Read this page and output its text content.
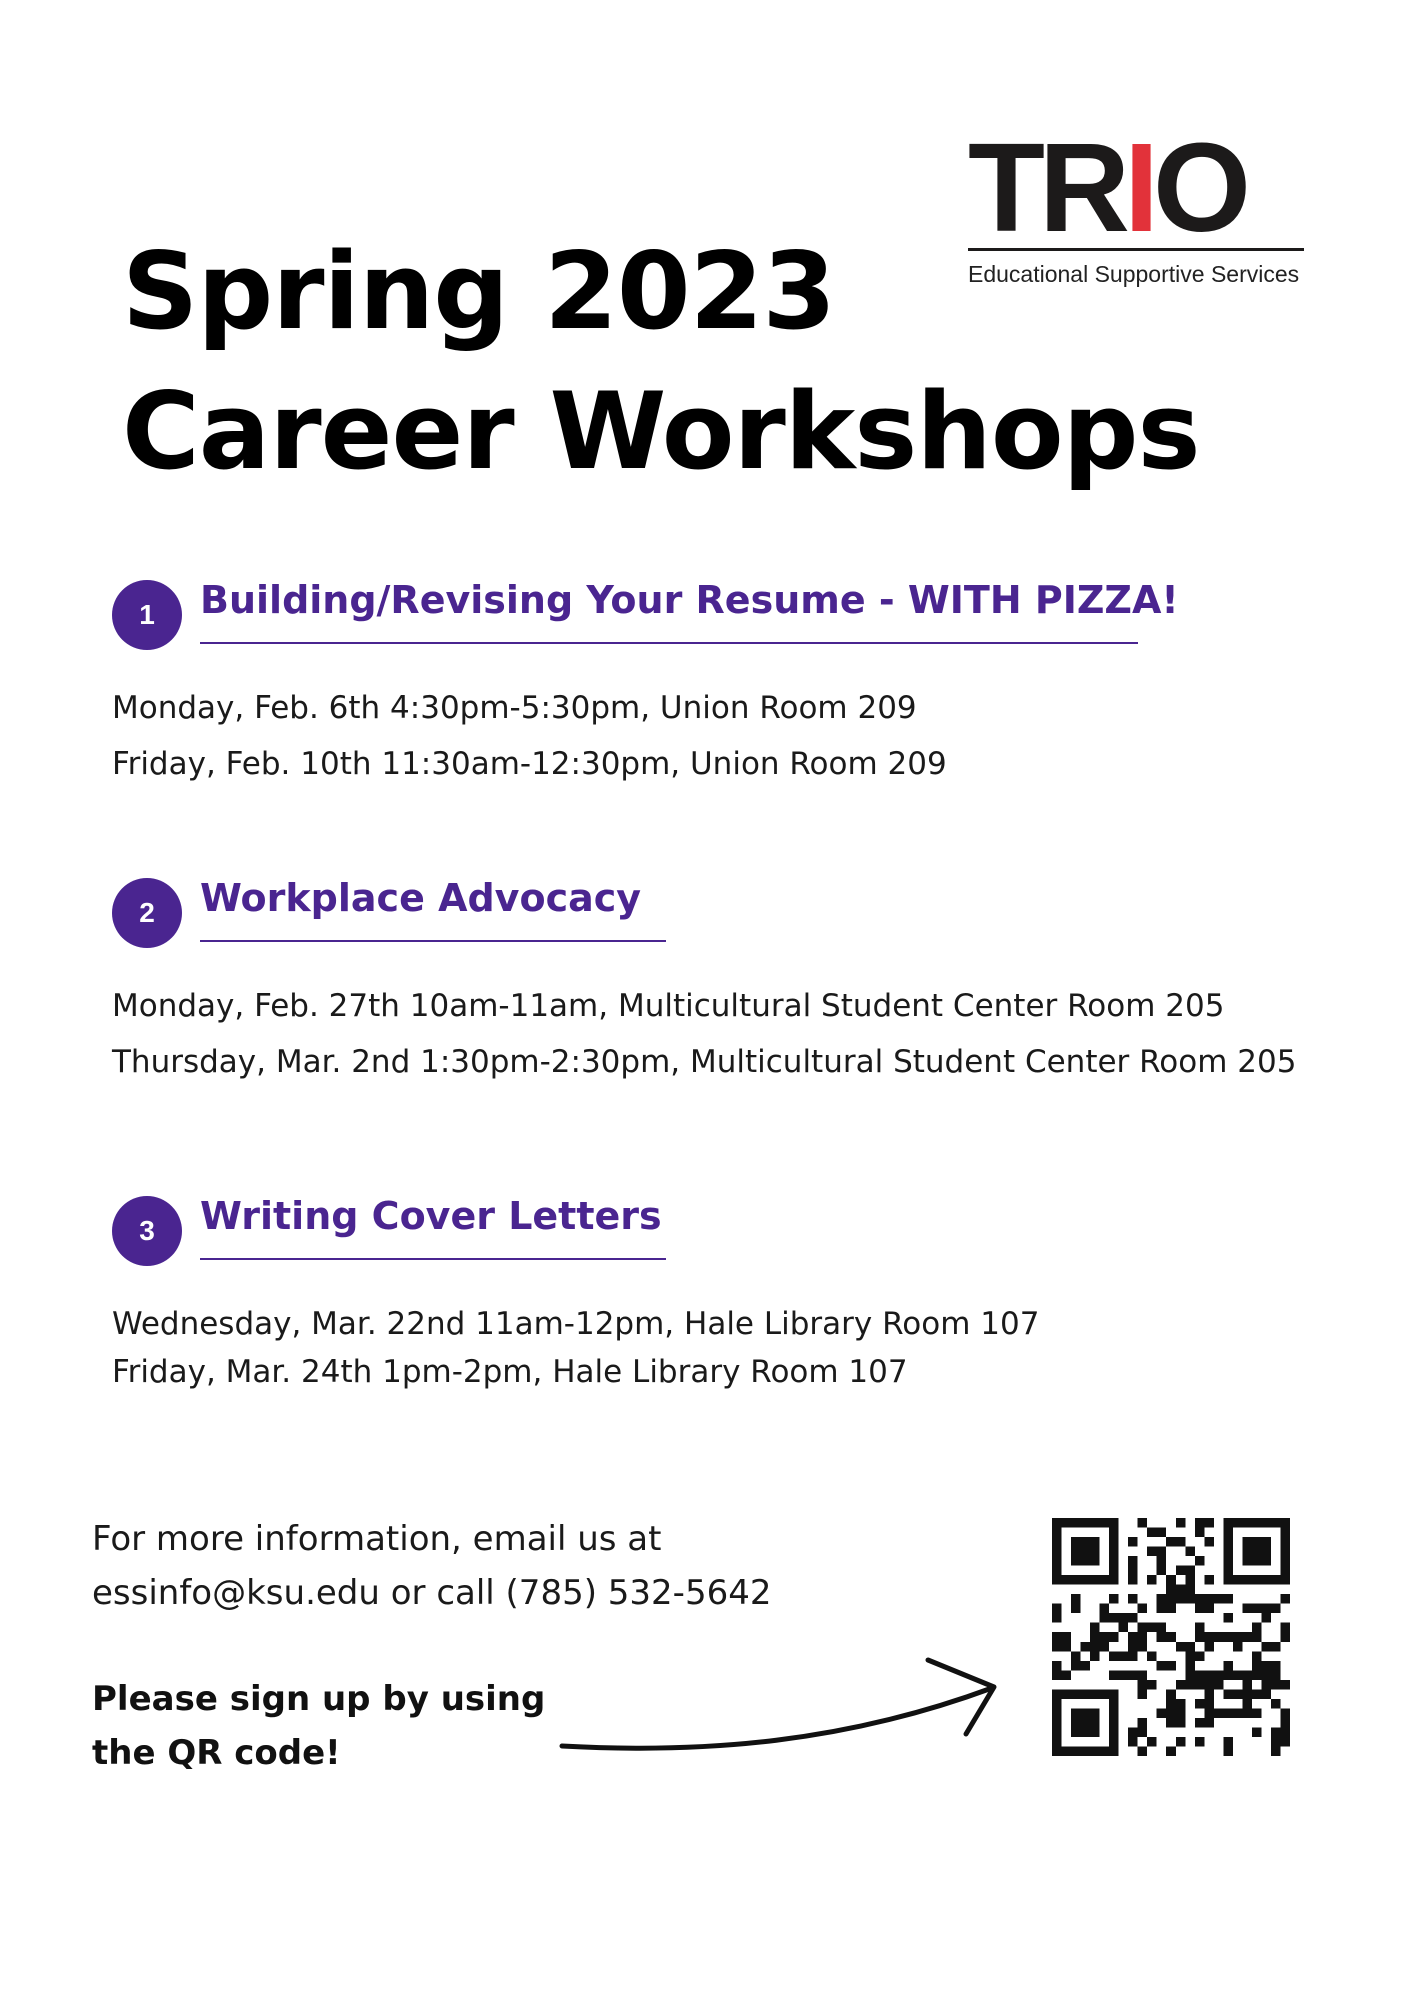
TRIO
Educational Supportive Services
Spring 2023
Career Workshops
1	Building/Revising Your Resume - WITH PIZZA!
Monday, Feb. 6th 4:30pm-5:30pm, Union Room 209
Friday, Feb. 10th 11:30am-12:30pm, Union Room 209
2	Workplace Advocacy
Monday, Feb. 27th 10am-11am, Multicultural Student Center Room 205
Thursday, Mar. 2nd 1:30pm-2:30pm, Multicultural Student Center Room 205
3	Writing Cover Letters
Wednesday, Mar. 22nd 11am-12pm, Hale Library Room 107
Friday, Mar. 24th 1pm-2pm, Hale Library Room 107
For more information, email us at
essinfo@ksu.edu or call (785) 532-5642
Please sign up by using
the QR code!
